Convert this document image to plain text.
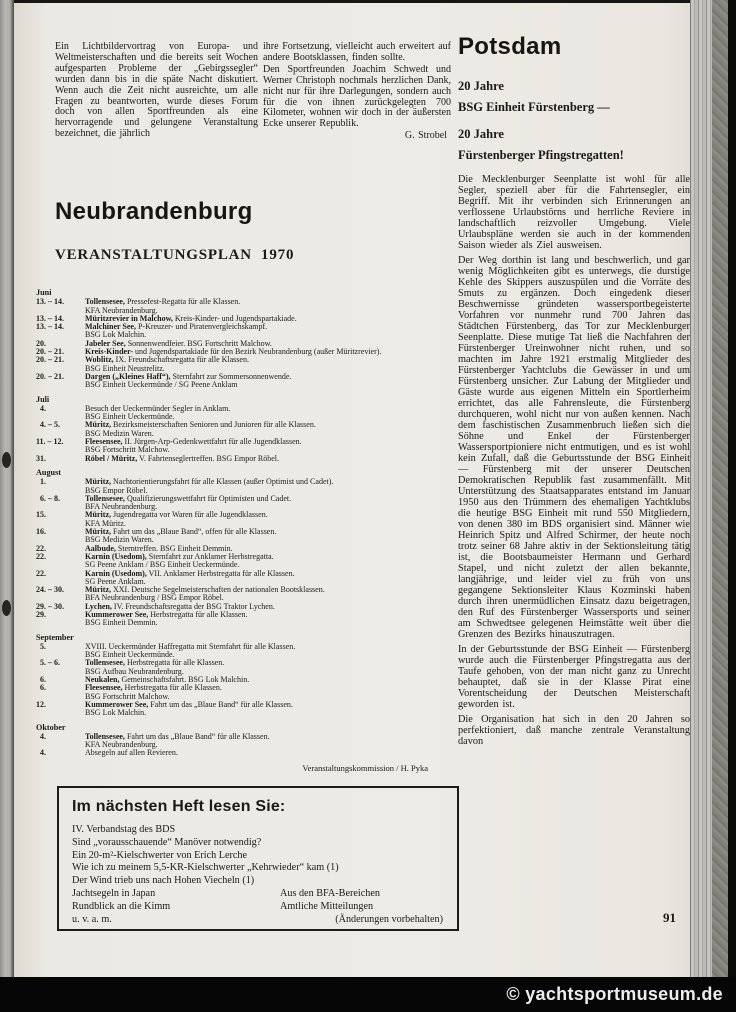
Ein Lichtbildervortrag von Europa- und Weltmeisterschaften und die bereits seit Wochen aufgesparten Probleme der „Gebirgssegler“ wurden dann bis in die späte Nacht diskutiert. Wenn auch die Zeit nicht ausreichte, um alle Fragen zu beantworten, wurde dieses Forum doch von allen Sportfreunden als eine hervorragende und gelungene Veranstaltung bezeichnet, die jährlich

ihre Fortsetzung, vielleicht auch erweitert auf andere Bootsklassen, finden sollte.

Den Sportfreunden Joachim Schwedt und Werner Christoph nochmals herzlichen Dank, nicht nur für ihre Darlegungen, sondern auch für die von ihnen zurückgelegten 700 Kilometer, wohnen wir doch in der äußersten Ecke unserer Republik.

G. Strobel

Neubrandenburg
VERANSTALTUNGSPLAN  1970
Juni
13. – 14.	Tollensesee, Pressefest-Regatta für alle Klassen.
KFA Neubrandenburg.
13. – 14.	Müritzrevier in Malchow, Kreis-Kinder- und Jugendspartakiade.
13. – 14.	Malchiner See, P-Kreuzer- und Piratenvergleichskampf.
BSG Lok Malchin.
20.	Jabeler See, Sonnenwendfeier. BSG Fortschritt Malchow.
20. – 21.	Kreis-Kinder- und Jugendspartakiade für den Bezirk Neubrandenburg (außer Müritzrevier).
20. – 21.	Woblitz, IX. Freundschaftsregatta für alle Klassen.
BSG Einheit Neustrelitz.
20. – 21.	Dargen („Kleines Haff“), Sternfahrt zur Sommersonnenwende.
BSG Einheit Ueckermünde / SG Peene Anklam
Juli
 4.	Besuch der Ueckermünder Segler in Anklam.
BSG Einheit Ueckermünde.
 4. – 5.	Müritz, Bezirksmeisterschaften Senioren und Junioren für alle Klassen.
BSG Medizin Waren.
11. – 12.	Fleesensee, II. Jürgen-Arp-Gedenkwettfahrt für alle Jugendklassen.
BSG Fortschritt Malchow.
31.	Röbel / Müritz, V. Fahrtenseglertreffen. BSG Empor Röbel.
August
 1.	Müritz, Nachtorientierungsfahrt für alle Klassen (außer Optimist und Cadet).
BSG Empor Röbel.
 6. – 8.	Tollensesee, Qualifizierungswettfahrt für Optimisten und Cadet.
BFA Neubrandenburg.
15.	Müritz, Jugendregatta vor Waren für alle Jugendklassen.
KFA Müritz.
16.	Müritz, Fahrt um das „Blaue Band“, offen für alle Klassen.
BSG Medizin Waren.
22.	Aalbude, Sterntreffen. BSG Einheit Demmin.
22.	Karnin (Usedom), Sternfahrt zur Anklamer Herbstregatta.
SG Peene Anklam / BSG Einheit Ueckermünde.
22.	Karnin (Usedom), VII. Anklamer Herbstregatta für alle Klassen.
SG Peene Anklam.
24. – 30.	Müritz, XXI. Deutsche Segelmeisterschaften der nationalen Bootsklassen.
BFA Neubrandenburg / BSG Empor Röbel.
29. – 30.	Lychen, IV. Freundschaftsregatta der BSG Traktor Lychen.
29.	Kummerower See, Herbstregatta für alle Klassen.
BSG Einheit Demmin.
September
 5.	XVIII. Ueckermünder Haffregatta mit Sternfahrt für alle Klassen.
BSG Einheit Ueckermünde.
 5. – 6.	Tollensesee, Herbstregatta für alle Klassen.
BSG Aufbau Neubrandenburg.
 6.	Neukalen, Gemeinschaftsfahrt. BSG Lok Malchin.
 6.	Fleesensee, Herbstregatta für alle Klassen.
BSG Fortschritt Malchow.
12.	Kummerower See, Fahrt um das „Blaue Band“ für alle Klassen.
BSG Lok Malchin.
Oktober
 4.	Tollensesee, Fahrt um das „Blaue Band“ für alle Klassen.
KFA Neubrandenburg.
 4.	Absegeln auf allen Revieren.
Veranstaltungskommission / H. Pyka
Im nächsten Heft lesen Sie:
IV. Verbandstag des BDS
Sind „vorausschauende“ Manöver notwendig?
Ein 20-m²-Kielschwerter von Erich Lerche
Wie ich zu meinem 5,5-KR-Kielschwerter „Kehrwieder“ kam (1)
Der Wind trieb uns nach Hohen Viecheln (1)
Jachtsegeln in Japan	Aus den BFA-Bereichen
Rundblick an die Kimm	Amtliche Mitteilungen
u. v. a. m.	(Änderungen vorbehalten)
Potsdam
20 Jahre
BSG Einheit Fürstenberg —
20 Jahre
Fürstenberger Pfingstregatten!

Die Mecklenburger Seenplatte ist wohl für alle Segler, speziell aber für die Fahrtensegler, ein Begriff. Mit ihr verbinden sich Erinnerungen an verflossene Urlaubstörns und herrliche Reviere in landschaftlich reizvoller Umgebung. Viele Urlaubspläne werden sie auch in der kommenden Saison wieder als Ziel ausweisen.

Der Weg dorthin ist lang und beschwerlich, und gar wenig Möglichkeiten gibt es unterwegs, die durstige Kehle des Skippers auszuspülen und die Vorräte des Smuts zu ergänzen. Doch eingedenk dieser Beschwernisse gründeten wassersportbegeisterte Vorfahren vor nunmehr rund 700 Jahren das Städtchen Fürstenberg, das Tor zur Mecklenburger Seenplatte. Diese mutige Tat ließ die Nachfahren der Fürstenberger Ureinwohner nicht ruhen, und so machten im Jahre 1921 erstmalig Mitglieder des Fürstenberger Yachtclubs die Gewässer in und um Fürstenberg unsicher. Zur Labung der Mitglieder und Gäste wurde aus eigenen Mitteln ein Sportlerheim errichtet, das alle Fahrensleute, die Fürstenberg durchqueren, wohl nicht nur von außen kennen. Nach dem faschistischen Zusammenbruch ließen sich die Söhne und Enkel der Fürstenberger Wassersportpioniere nicht entmutigen, und es ist wohl kein Zufall, daß die Geburtsstunde der BSG Einheit — Fürstenberg mit der unserer Deutschen Demokratischen Republik fast zusammenfällt. Mit Unterstützung des Staatsapparates entstand im Januar 1950 aus den Trümmern des ehemaligen Yachtklubs die heutige BSG Einheit mit rund 550 Mitgliedern, von denen 380 im BDS organisiert sind. Männer wie Heinrich Spitz und Alfred Schirmer, der heute noch trotz seiner 68 Jahre aktiv in der Sektionsleitung tätig ist, die Bootsbaumeister Hermann und Gerhard Stapel, und nicht zuletzt der allen bekannte, langjährige, und leider viel zu früh von uns gegangene Sektionsleiter Klaus Kozminski haben durch ihren unermüdlichen Einsatz dazu beigetragen, den Ruf des Fürstenberger Wassersports und seiner am Schwedtsee gelegenen Heimstätte weit über die Grenzen des Bezirks hinauszutragen.

In der Geburtsstunde der BSG Einheit — Fürstenberg wurde auch die Fürstenberger Pfingstregatta aus der Taufe gehoben, von der man nicht ganz zu Unrecht behauptet, daß sie in der Klasse Pirat eine Vorentscheidung der Deutschen Meisterschaft geworden ist.

Die Organisation hat sich in den 20 Jahren so perfektioniert, daß manche zentrale Veranstaltung davon

91
© yachtsportmuseum.de
